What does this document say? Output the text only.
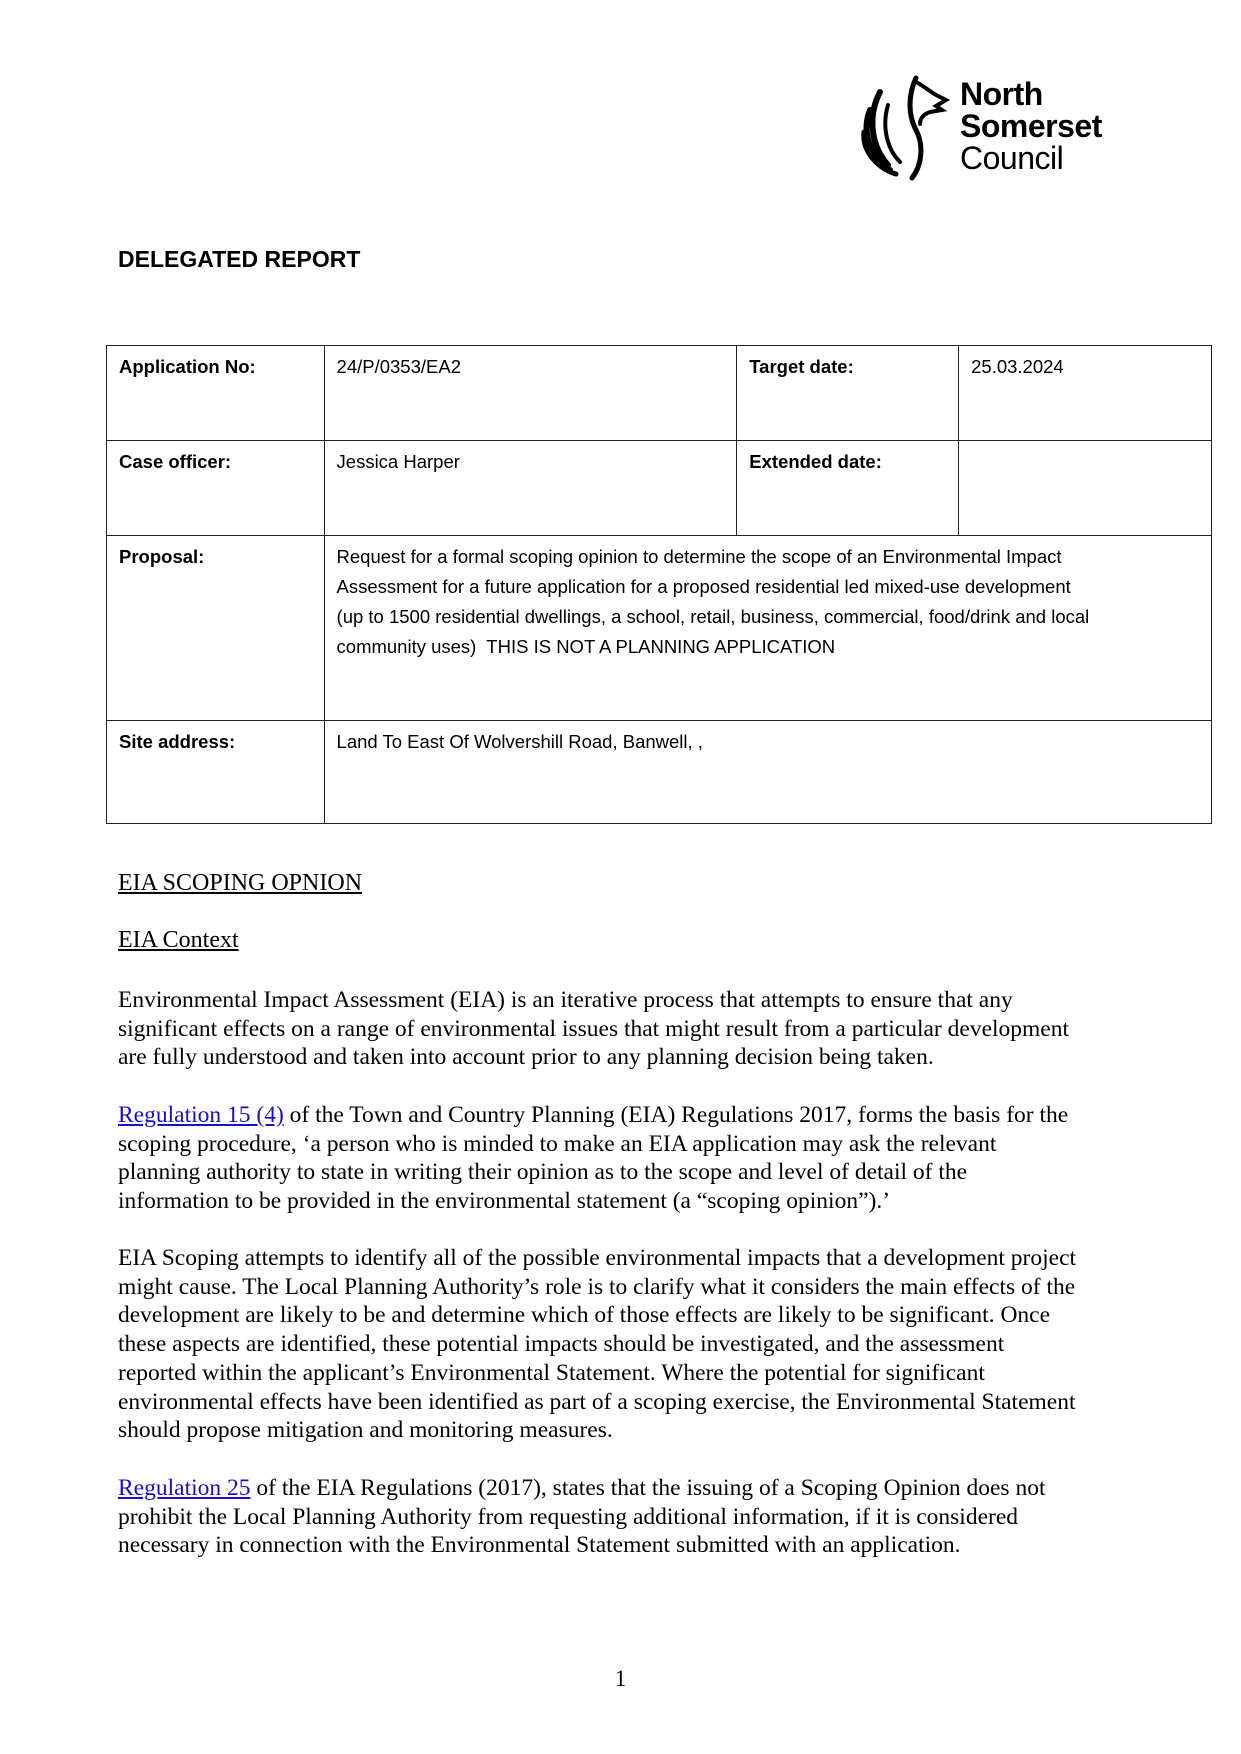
North
Somerset
Council
DELEGATED REPORT
Application No:	24/P/0353/EA2	Target date:	25.03.2024
Case officer:	Jessica Harper	Extended date:	
Proposal:	Request for a formal scoping opinion to determine the scope of an Environmental Impact
Assessment for a future application for a proposed residential led mixed-use development
(up to 1500 residential dwellings, a school, retail, business, commercial, food/drink and local
community uses)  THIS IS NOT A PLANNING APPLICATION		

Site address:	Land To East Of Wolvershill Road, Banwell, ,		
EIA SCOPING OPNION
EIA Context
Environmental Impact Assessment (EIA) is an iterative process that attempts to ensure that any
significant effects on a range of environmental issues that might result from a particular development
are fully understood and taken into account prior to any planning decision being taken.
Regulation 15 (4) of the Town and Country Planning (EIA) Regulations 2017, forms the basis for the
scoping procedure, ‘a person who is minded to make an EIA application may ask the relevant
planning authority to state in writing their opinion as to the scope and level of detail of the
information to be provided in the environmental statement (a “scoping opinion”).’
EIA Scoping attempts to identify all of the possible environmental impacts that a development project
might cause. The Local Planning Authority’s role is to clarify what it considers the main effects of the
development are likely to be and determine which of those effects are likely to be significant. Once
these aspects are identified, these potential impacts should be investigated, and the assessment
reported within the applicant’s Environmental Statement. Where the potential for significant
environmental effects have been identified as part of a scoping exercise, the Environmental Statement
should propose mitigation and monitoring measures.
Regulation 25 of the EIA Regulations (2017), states that the issuing of a Scoping Opinion does not
prohibit the Local Planning Authority from requesting additional information, if it is considered
necessary in connection with the Environmental Statement submitted with an application.
1
